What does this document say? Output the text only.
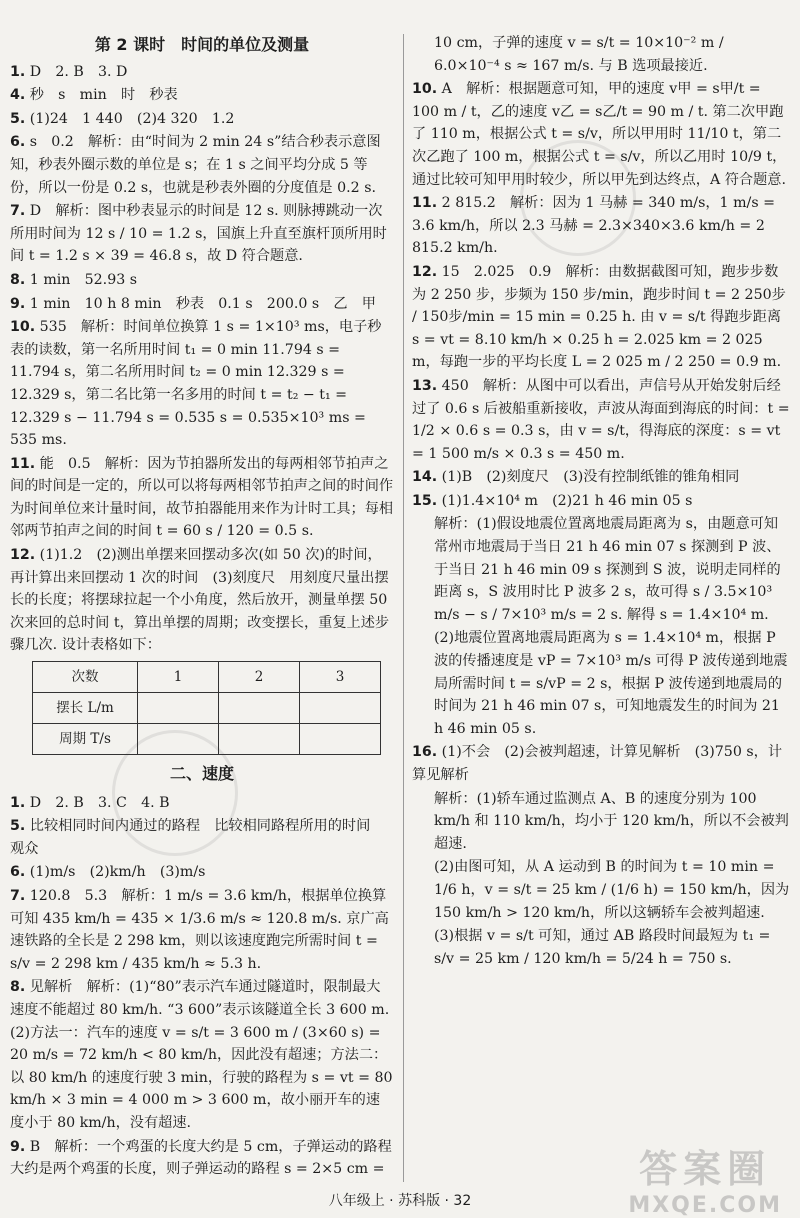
第 2 课时　时间的单位及测量
1. D　2. B　3. D
4. 秒　s　min　时　秒表
5. (1)24　1 440　(2)4 320　1.2
6. s　0.2　解析：由“时间为 2 min 24 s”结合秒表示意图知，秒表外圈示数的单位是 s；在 1 s 之间平均分成 5 等份，所以一份是 0.2 s，也就是秒表外圈的分度值是 0.2 s.
7. D　解析：图中秒表显示的时间是 12 s. 则脉搏跳动一次所用时间为 12 s / 10 = 1.2 s，国旗上升直至旗杆顶所用时间 t = 1.2 s × 39 = 46.8 s，故 D 符合题意.
8. 1 min　52.93 s
9. 1 min　10 h 8 min　秒表　0.1 s　200.0 s　乙　甲
10. 535　解析：时间单位换算 1 s = 1×10³ ms，电子秒表的读数，第一名所用时间 t₁ = 0 min 11.794 s = 11.794 s，第二名所用时间 t₂ = 0 min 12.329 s = 12.329 s，第二名比第一名多用的时间 t = t₂ − t₁ = 12.329 s − 11.794 s = 0.535 s = 0.535×10³ ms = 535 ms.
11. 能　0.5　解析：因为节拍器所发出的每两相邻节拍声之间的时间是一定的，所以可以将每两相邻节拍声之间的时间作为时间单位来计量时间，故节拍器能用来作为计时工具；每相邻两节拍声之间的时间 t = 60 s / 120 = 0.5 s.
12. (1)1.2　(2)测出单摆来回摆动多次(如 50 次)的时间，再计算出来回摆动 1 次的时间　(3)刻度尺　用刻度尺量出摆长的长度；将摆球拉起一个小角度，然后放开，测量单摆 50 次来回的总时间 t，算出单摆的周期；改变摆长，重复上述步骤几次. 设计表格如下：
次数	1	2	3
摆长 L/m			
周期 T/s			
二、速度
1. D　2. B　3. C　4. B
5. 比较相同时间内通过的路程　比较相同路程所用的时间　观众
6. (1)m/s　(2)km/h　(3)m/s
7. 120.8　5.3　解析：1 m/s = 3.6 km/h，根据单位换算可知 435 km/h = 435 × 1/3.6 m/s ≈ 120.8 m/s. 京广高速铁路的全长是 2 298 km，则以该速度跑完所需时间 t = s/v = 2 298 km / 435 km/h ≈ 5.3 h.
8. 见解析　解析：(1)“80”表示汽车通过隧道时，限制最大速度不能超过 80 km/h. “3 600”表示该隧道全长 3 600 m. (2)方法一：汽车的速度 v = s/t = 3 600 m / (3×60 s) = 20 m/s = 72 km/h < 80 km/h，因此没有超速；方法二：以 80 km/h 的速度行驶 3 min，行驶的路程为 s = vt = 80 km/h × 3 min = 4 000 m > 3 600 m，故小丽开车的速度小于 80 km/h，没有超速.
9. B　解析：一个鸡蛋的长度大约是 5 cm，子弹运动的路程大约是两个鸡蛋的长度，则子弹运动的路程 s = 2×5 cm =
10 cm，子弹的速度 v = s/t = 10×10⁻² m / 6.0×10⁻⁴ s ≈ 167 m/s. 与 B 选项最接近.
10. A　解析：根据题意可知，甲的速度 v甲 = s甲/t = 100 m / t，乙的速度 v乙 = s乙/t = 90 m / t. 第二次甲跑了 110 m，根据公式 t = s/v，所以甲用时 11/10 t，第二次乙跑了 100 m，根据公式 t = s/v，所以乙用时 10/9 t，通过比较可知甲用时较少，所以甲先到达终点，A 符合题意.
11. 2 815.2　解析：因为 1 马赫 = 340 m/s，1 m/s = 3.6 km/h，所以 2.3 马赫 = 2.3×340×3.6 km/h = 2 815.2 km/h.
12. 15　2.025　0.9　解析：由数据截图可知，跑步步数为 2 250 步，步频为 150 步/min，跑步时间 t = 2 250步 / 150步/min = 15 min = 0.25 h. 由 v = s/t 得跑步距离 s = vt = 8.10 km/h × 0.25 h = 2.025 km = 2 025 m，每跑一步的平均长度 L = 2 025 m / 2 250 = 0.9 m.
13. 450　解析：从图中可以看出，声信号从开始发射后经过了 0.6 s 后被船重新接收，声波从海面到海底的时间：t = 1/2 × 0.6 s = 0.3 s，由 v = s/t，得海底的深度：s = vt = 1 500 m/s × 0.3 s = 450 m.
14. (1)B　(2)刻度尺　(3)没有控制纸锥的锥角相同
15. (1)1.4×10⁴ m　(2)21 h 46 min 05 s
解析：(1)假设地震位置离地震局距离为 s，由题意可知常州市地震局于当日 21 h 46 min 07 s 探测到 P 波、于当日 21 h 46 min 09 s 探测到 S 波，说明走同样的距离 s，S 波用时比 P 波多 2 s，故可得 s / 3.5×10³ m/s − s / 7×10³ m/s = 2 s. 解得 s = 1.4×10⁴ m.
(2)地震位置离地震局距离为 s = 1.4×10⁴ m，根据 P 波的传播速度是 vP = 7×10³ m/s 可得 P 波传递到地震局所需时间 t = s/vP = 2 s，根据 P 波传递到地震局的时间为 21 h 46 min 07 s，可知地震发生的时间为 21 h 46 min 05 s.
16. (1)不会　(2)会被判超速，计算见解析　(3)750 s，计算见解析
解析：(1)轿车通过监测点 A、B 的速度分别为 100 km/h 和 110 km/h，均小于 120 km/h，所以不会被判超速.
(2)由图可知，从 A 运动到 B 的时间为 t = 10 min = 1/6 h，v = s/t = 25 km / (1/6 h) = 150 km/h，因为 150 km/h > 120 km/h，所以这辆轿车会被判超速.
(3)根据 v = s/t 可知，通过 AB 路段时间最短为 t₁ = s/v = 25 km / 120 km/h = 5/24 h = 750 s.
八年级上 · 苏科版 · 32
答案圈
MXQE.COM
